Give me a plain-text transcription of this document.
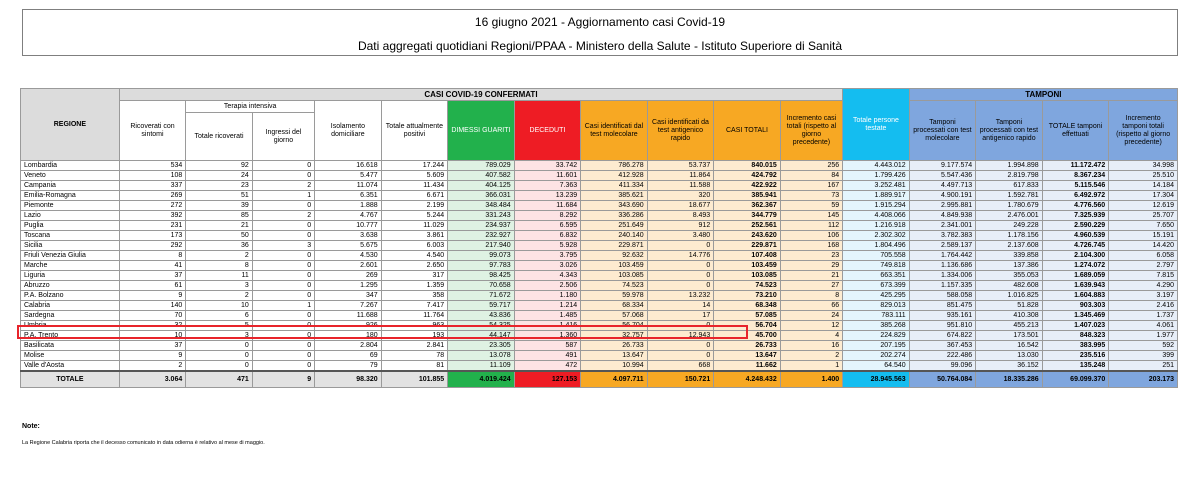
16 giugno 2021 - Aggiornamento casi Covid-19
Dati aggregati quotidiani Regioni/PPAA - Ministero della Salute - Istituto Superiore di Sanità
REGIONE	CASI COVID-19 CONFERMATI											Totale persone testate	TAMPONI			
	Ricoverati con sintomi	Terapia intensiva		Isolamento domiciliare	Totale attualmente positivi	DIMESSI GUARITI	DECEDUTI	Casi identificati dal test molecolare	Casi identificati da test antigenico rapido	CASI TOTALI	Incremento casi totali (rispetto al giorno precedente)		Tamponi processati con test molecolare	Tamponi processati con test antigenico rapido	TOTALE tamponi effettuati	Incremento tamponi totali (rispetto al giorno precedente)
		Totale ricoverati	Ingressi del giorno													
Lombardia	534	92	0	16.618	17.244	789.029	33.742	786.278	53.737	840.015	256	4.443.012	9.177.574	1.994.898	11.172.472	34.998
Veneto	108	24	0	5.477	5.609	407.582	11.601	412.928	11.864	424.792	84	1.799.426	5.547.436	2.819.798	8.367.234	25.510
Campania	337	23	2	11.074	11.434	404.125	7.363	411.334	11.588	422.922	167	3.252.481	4.497.713	617.833	5.115.546	14.184
Emilia-Romagna	269	51	1	6.351	6.671	366.031	13.239	385.621	320	385.941	73	1.889.917	4.900.191	1.592.781	6.492.972	17.304
Piemonte	272	39	0	1.888	2.199	348.484	11.684	343.690	18.677	362.367	59	1.915.294	2.995.881	1.780.679	4.776.560	12.619
Lazio	392	85	2	4.767	5.244	331.243	8.292	336.286	8.493	344.779	145	4.408.066	4.849.938	2.476.001	7.325.939	25.707
Puglia	231	21	0	10.777	11.029	234.937	6.595	251.649	912	252.561	112	1.216.918	2.341.001	249.228	2.590.229	7.650
Toscana	173	50	0	3.638	3.861	232.927	6.832	240.140	3.480	243.620	106	2.302.302	3.782.383	1.178.156	4.960.539	15.191
Sicilia	292	36	3	5.675	6.003	217.940	5.928	229.871	0	229.871	168	1.804.496	2.589.137	2.137.608	4.726.745	14.420
Friuli Venezia Giulia	8	2	0	4.530	4.540	99.073	3.795	92.632	14.776	107.408	23	705.558	1.764.442	339.858	2.104.300	6.058
Marche	41	8	0	2.601	2.650	97.783	3.026	103.459	0	103.459	29	749.818	1.136.686	137.386	1.274.072	2.797
Liguria	37	11	0	269	317	98.425	4.343	103.085	0	103.085	21	663.351	1.334.006	355.053	1.689.059	7.815
Abruzzo	61	3	0	1.295	1.359	70.658	2.506	74.523	0	74.523	27	673.399	1.157.335	482.608	1.639.943	4.290
P.A. Bolzano	9	2	0	347	358	71.672	1.180	59.978	13.232	73.210	8	425.295	588.058	1.016.825	1.604.883	3.197
Calabria	140	10	1	7.267	7.417	59.717	1.214	68.334	14	68.348	66	829.013	851.475	51.828	903.303	2.416
Sardegna	70	6	0	11.688	11.764	43.836	1.485	57.068	17	57.085	24	783.111	935.161	410.308	1.345.469	1.737
Umbria	32	5	0	926	963	54.325	1.416	56.704	0	56.704	12	385.268	951.810	455.213	1.407.023	4.061
P.A. Trento	10	3	0	180	193	44.147	1.360	32.757	12.943	45.700	4	224.829	674.822	173.501	848.323	1.977
Basilicata	37	0	0	2.804	2.841	23.305	587	26.733	0	26.733	16	207.195	367.453	16.542	383.995	592
Molise	9	0	0	69	78	13.078	491	13.647	0	13.647	2	202.274	222.486	13.030	235.516	399
Valle d'Aosta	2	0	0	79	81	11.109	472	10.994	668	11.662	1	64.540	99.096	36.152	135.248	251
TOTALE	3.064	471	9	98.320	101.855	4.019.424	127.153	4.097.711	150.721	4.248.432	1.400	28.945.563	50.764.084	18.335.286	69.099.370	203.173
Note:
La Regione Calabria riporta che il decesso comunicato in data odierna è relativo al mese di maggio.
